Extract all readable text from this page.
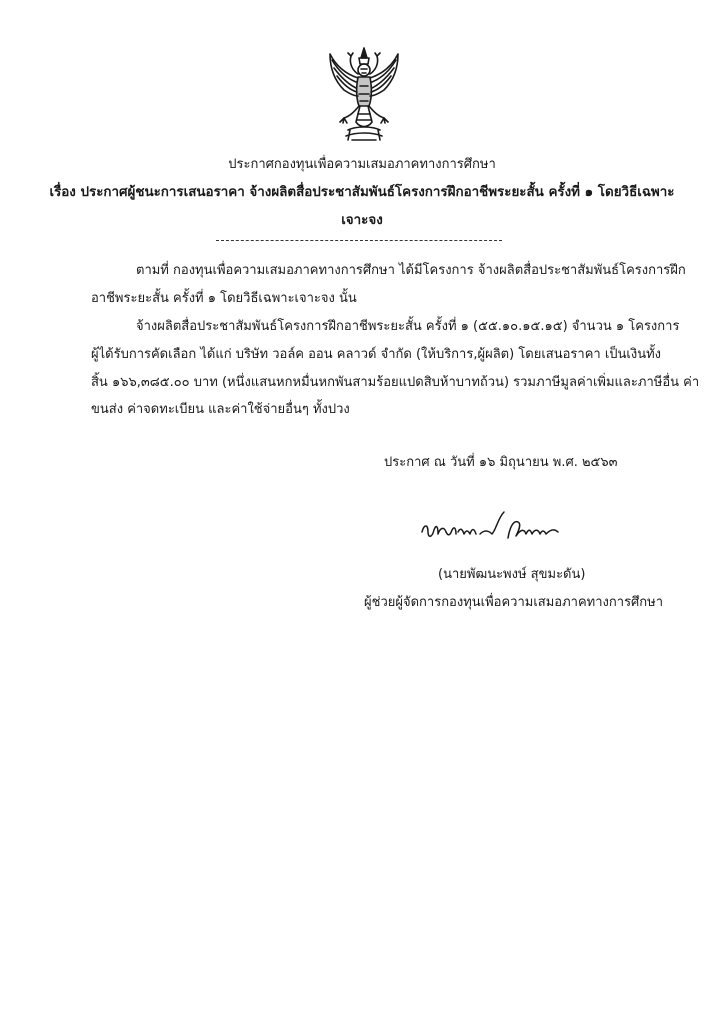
ประกาศกองทุนเพื่อความเสมอภาคทางการศึกษา
เรื่อง ประกาศผู้ชนะการเสนอราคา จ้างผลิตสื่อประชาสัมพันธ์โครงการฝึกอาชีพระยะสั้น ครั้งที่ ๑ โดยวิธีเฉพาะ
เจาะจง
ตามที่ กองทุนเพื่อความเสมอภาคทางการศึกษา ได้มีโครงการ จ้างผลิตสื่อประชาสัมพันธ์โครงการฝึก
อาชีพระยะสั้น ครั้งที่ ๑ โดยวิธีเฉพาะเจาะจง นั้น
จ้างผลิตสื่อประชาสัมพันธ์โครงการฝึกอาชีพระยะสั้น ครั้งที่ ๑ (๕๕.๑๐.๑๕.๑๕) จำนวน ๑ โครงการ
ผู้ได้รับการคัดเลือก ได้แก่ บริษัท วอล์ค ออน คลาวด์ จำกัด (ให้บริการ,ผู้ผลิต) โดยเสนอราคา เป็นเงินทั้ง
สิ้น ๑๖๖,๓๘๕.๐๐ บาท (หนึ่งแสนหกหมื่นหกพันสามร้อยแปดสิบห้าบาทถ้วน) รวมภาษีมูลค่าเพิ่มและภาษีอื่น ค่า
ขนส่ง ค่าจดทะเบียน และค่าใช้จ่ายอื่นๆ ทั้งปวง
ประกาศ ณ วันที่ ๑๖ มิถุนายน พ.ศ. ๒๕๖๓
(นายพัฒนะพงษ์ สุขมะดัน)
ผู้ช่วยผู้จัดการกองทุนเพื่อความเสมอภาคทางการศึกษา
